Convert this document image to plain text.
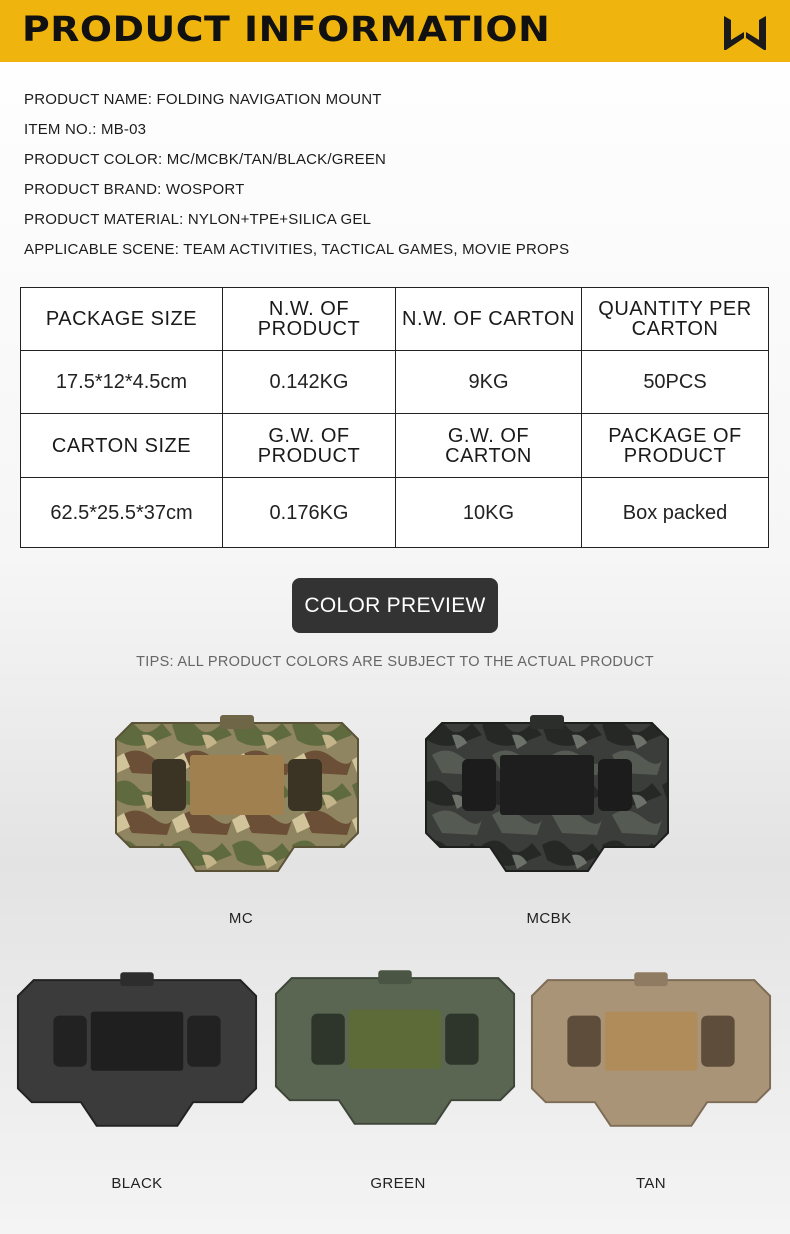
PRODUCT INFORMATION
PRODUCT NAME: FOLDING NAVIGATION MOUNT
ITEM NO.: MB-03
PRODUCT COLOR: MC/MCBK/TAN/BLACK/GREEN
PRODUCT BRAND: WOSPORT
PRODUCT MATERIAL: NYLON+TPE+SILICA GEL
APPLICABLE SCENE: TEAM ACTIVITIES, TACTICAL GAMES, MOVIE PROPS
PACKAGE SIZE	N.W. OF PRODUCT	N.W. OF CARTON	QUANTITY PER CARTON
17.5*12*4.5cm	0.142KG	9KG	50PCS
CARTON SIZE	G.W. OF PRODUCT	G.W. OF CARTON	PACKAGE OF PRODUCT
62.5*25.5*37cm	0.176KG	10KG	Box packed
COLOR PREVIEW
TIPS: ALL PRODUCT COLORS ARE SUBJECT TO THE ACTUAL PRODUCT
MC	MCBK
BLACK	GREEN	TAN
